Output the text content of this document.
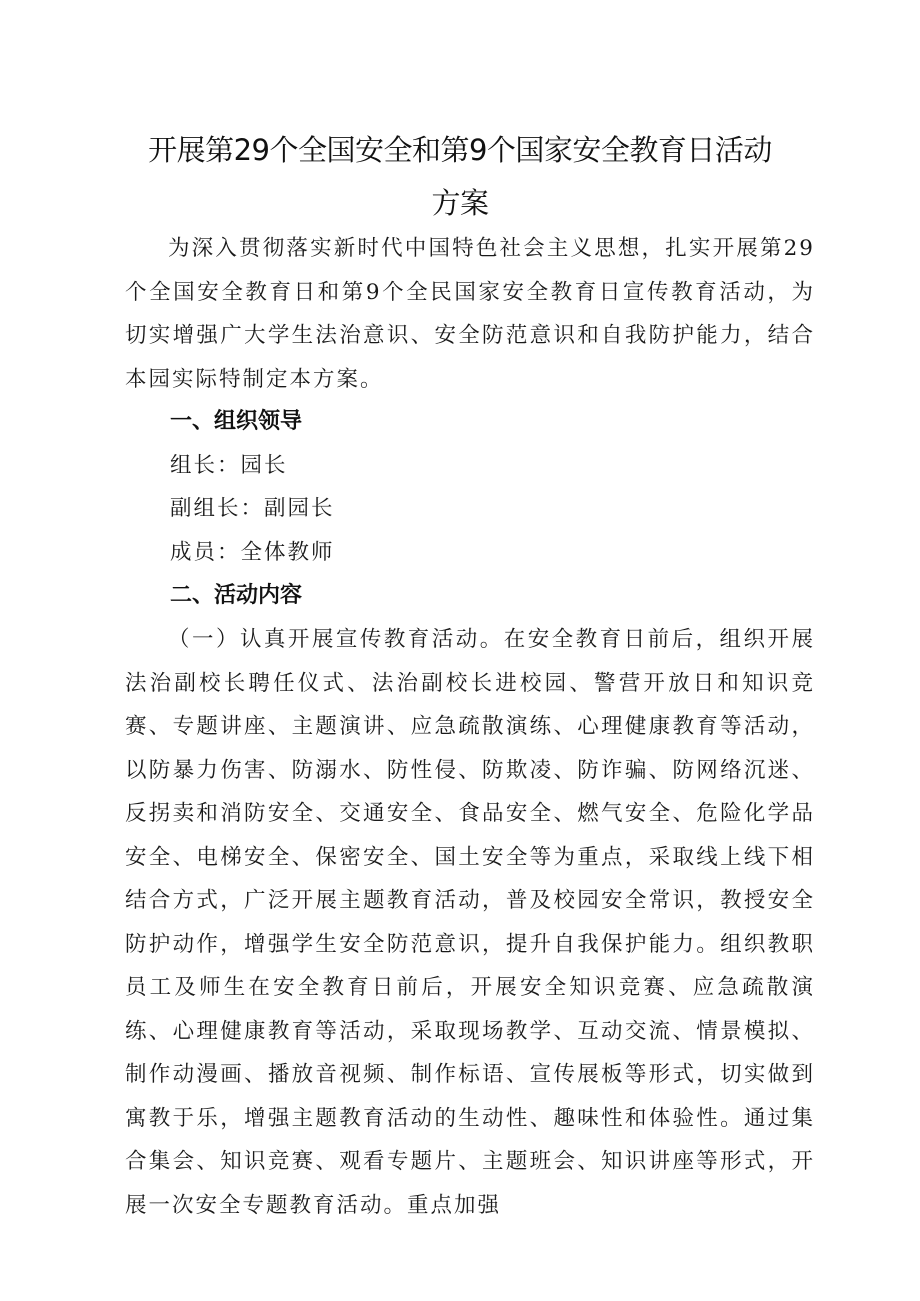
开展第29个全国安全和第9个国家安全教育日活动
方案

为深入贯彻落实新时代中国特色社会主义思想，扎实开展第29个全国安全教育日和第9个全民国家安全教育日宣传教育活动，为切实增强广大学生法治意识、安全防范意识和自我防护能力，结合本园实际特制定本方案。

一、组织领导

组长：园长

副组长：副园长

成员：全体教师

二、活动内容

（一）认真开展宣传教育活动。在安全教育日前后，组织开展法治副校长聘任仪式、法治副校长进校园、警营开放日和知识竞赛、专题讲座、主题演讲、应急疏散演练、心理健康教育等活动，以防暴力伤害、防溺水、防性侵、防欺凌、防诈骗、防网络沉迷、反拐卖和消防安全、交通安全、食品安全、燃气安全、危险化学品安全、电梯安全、保密安全、国土安全等为重点，采取线上线下相结合方式，广泛开展主题教育活动，普及校园安全常识，教授安全防护动作，增强学生安全防范意识，提升自我保护能力。组织教职员工及师生在安全教育日前后，开展安全知识竞赛、应急疏散演练、心理健康教育等活动，采取现场教学、互动交流、情景模拟、制作动漫画、播放音视频、制作标语、宣传展板等形式，切实做到寓教于乐，增强主题教育活动的生动性、趣味性和体验性。通过集合集会、知识竞赛、观看专题片、主题班会、知识讲座等形式，开展一次安全专题教育活动。重点加强
